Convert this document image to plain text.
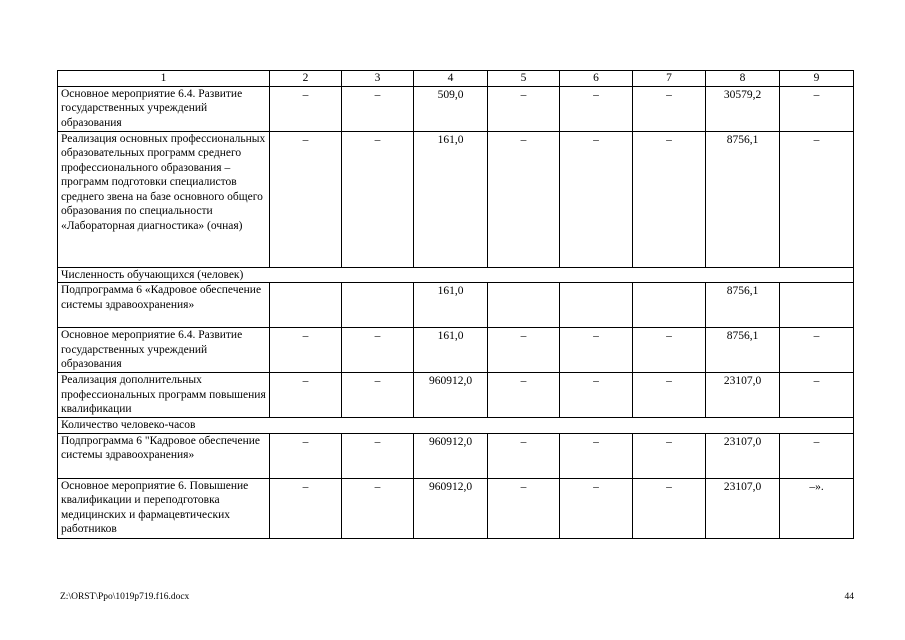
1	2	3	4	5	6	7	8	9
Основное мероприятие 6.4. Развитие государственных учреждений образования	–	–	509,0	–	–	–	30579,2	–
Реализация основных профессиональных образовательных программ среднего профессионального образования – программ подготовки специалистов среднего звена на базе основного общего образования по специальности «Лабораторная диагностика» (очная)	–	–	161,0	–	–	–	8756,1	–
Численность обучающихся (человек)								
Подпрограмма 6 «Кадровое обеспечение системы здравоохранения»			161,0				8756,1	
Основное мероприятие 6.4. Развитие государственных учреждений образования	–	–	161,0	–	–	–	8756,1	–
Реализация дополнительных профессиональных программ повышения квалификации	–	–	960912,0	–	–	–	23107,0	–
Количество человеко-часов								
Подпрограмма 6 "Кадровое обеспечение системы здравоохранения»	–	–	960912,0	–	–	–	23107,0	–
Основное мероприятие 6. Повышение квалификации и переподготовка медицинских и фармацевтических работников	–	–	960912,0	–	–	–	23107,0	–».
Z:\ORST\Ppo\1019p719.f16.docx	44
